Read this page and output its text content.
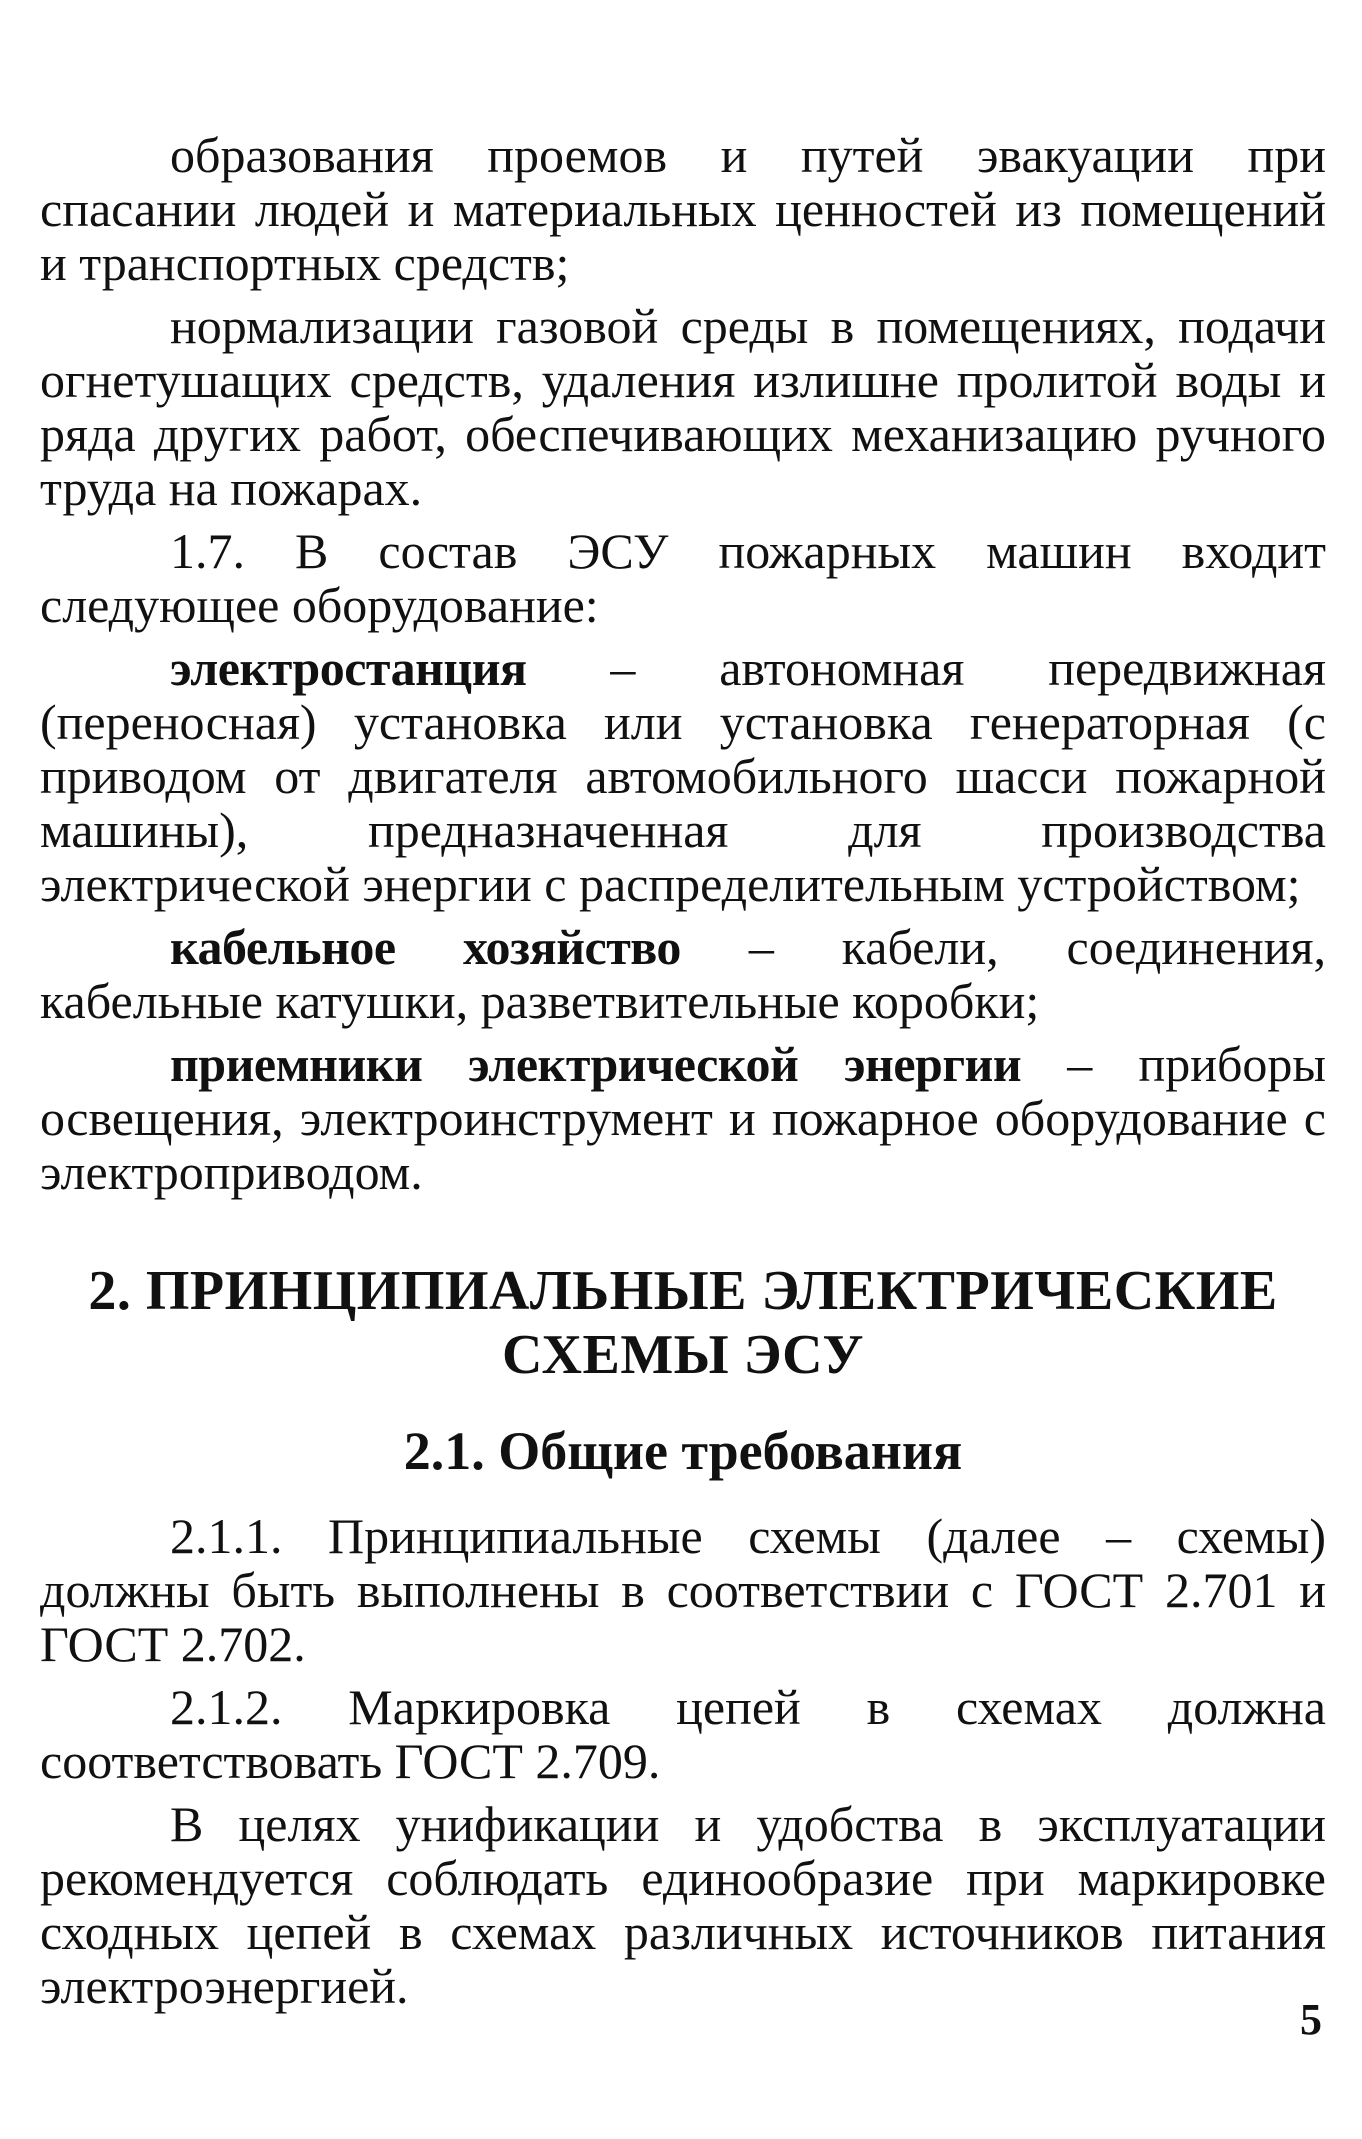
образования проемов и путей эвакуации при спасании людей и материальных ценностей из помещений и транспортных средств;

нормализации газовой среды в помещениях, подачи огнетушащих средств, удаления излишне пролитой воды и ряда других работ, обеспечивающих механизацию ручного труда на пожарах.

1.7. В состав ЭСУ пожарных машин входит следующее оборудование:

электростанция – автономная передвижная (переносная) установка или установка генераторная (с приводом от двигателя автомобильного шасси пожарной машины), предназначенная для производства электрической энергии с распределительным устройством;

кабельное хозяйство – кабели, соединения, кабельные катушки, разветвительные коробки;

приемники электрической энергии – приборы освещения, электроинструмент и пожарное оборудование с электроприводом.

2. ПРИНЦИПИАЛЬНЫЕ ЭЛЕКТРИЧЕСКИЕ
СХЕМЫ ЭСУ
2.1. Общие требования

2.1.1. Принципиальные схемы (далее – схемы) должны быть выполнены в соответствии с ГОСТ 2.701 и ГОСТ 2.702.

2.1.2. Маркировка цепей в схемах должна соответствовать ГОСТ 2.709.

В целях унификации и удобства в эксплуатации рекомендуется соблюдать единообразие при маркировке сходных цепей в схемах различных источников питания электроэнергией.

5
